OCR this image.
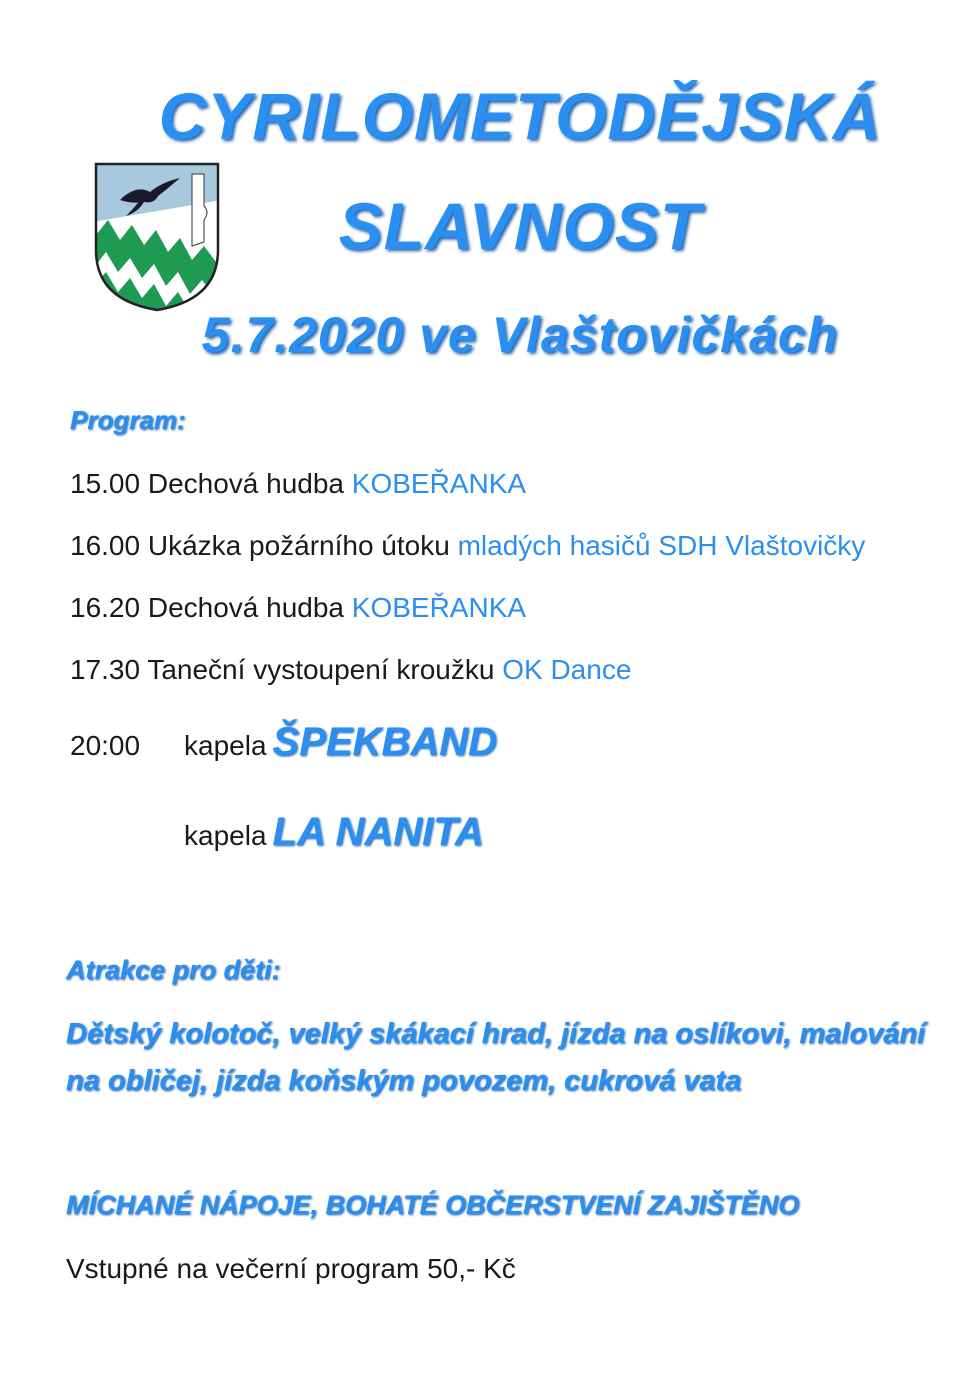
CYRILOMETODĚJSKÁ
SLAVNOST
5.7.2020 ve Vlaštovičkách
Program:
15.00 Dechová hudba KOBEŘANKA
16.00 Ukázka požárního útoku mladých hasičů SDH Vlaštovičky
16.20 Dechová hudba KOBEŘANKA
17.30 Taneční vystoupení kroužku OK Dance
20:00 kapela ŠPEKBAND
kapela LA NANITA
Atrakce pro děti:
Dětský kolotoč, velký skákací hrad, jízda na oslíkovi, malování
na obličej, jízda koňským povozem, cukrová vata
MÍCHANÉ NÁPOJE, BOHATÉ OBČERSTVENÍ ZAJIŠTĚNO
Vstupné na večerní program 50,- Kč
